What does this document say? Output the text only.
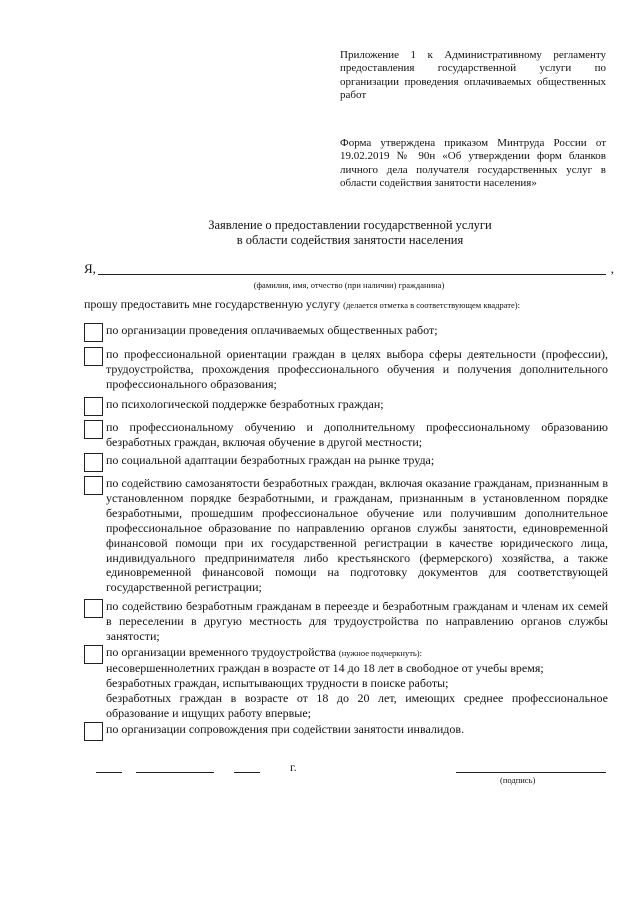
Приложение 1 к Административному регламенту предоставления государственной услуги по организации проведения оплачиваемых общественных работ
Форма утверждена приказом Минтруда России от 19.02.2019 № 90н «Об утверждении форм бланков личного дела получателя государственных услуг в области содействия занятости населения»
Заявление о предоставлении государственной услуги
в области содействия занятости населения
Я,	,
(фамилия, имя, отчество (при наличии) гражданина)
прошу предоставить мне государственную услугу (делается отметка в соответствующем квадрате):
по организации проведения оплачиваемых общественных работ;
по профессиональной ориентации граждан в целях выбора сферы деятельности (профессии), трудоустройства, прохождения профессионального обучения и получения дополнительного профессионального образования;
по психологической поддержке безработных граждан;
по профессиональному обучению и дополнительному профессиональному образованию безработных граждан, включая обучение в другой местности;
по социальной адаптации безработных граждан на рынке труда;
по содействию самозанятости безработных граждан, включая оказание гражданам, признанным в установленном порядке безработными, и гражданам, признанным в установленном порядке безработными, прошедшим профессиональное обучение или получившим дополнительное профессиональное образование по направлению органов службы занятости, единовременной финансовой помощи при их государственной регистрации в качестве юридического лица, индивидуального предпринимателя либо крестьянского (фермерского) хозяйства, а также единовременной финансовой помощи на подготовку документов для соответствующей государственной регистрации;
по содействию безработным гражданам в переезде и безработным гражданам и членам их семей в переселении в другую местность для трудоустройства по направлению органов службы занятости;
по организации временного трудоустройства (нужное подчеркнуть):
несовершеннолетних граждан в возрасте от 14 до 18 лет в свободное от учебы время;
безработных граждан, испытывающих трудности в поиске работы;
безработных граждан в возрасте от 18 до 20 лет, имеющих среднее профессиональное образование и ищущих работу впервые;
по организации сопровождения при содействии занятости инвалидов.
г.
(подпись)
